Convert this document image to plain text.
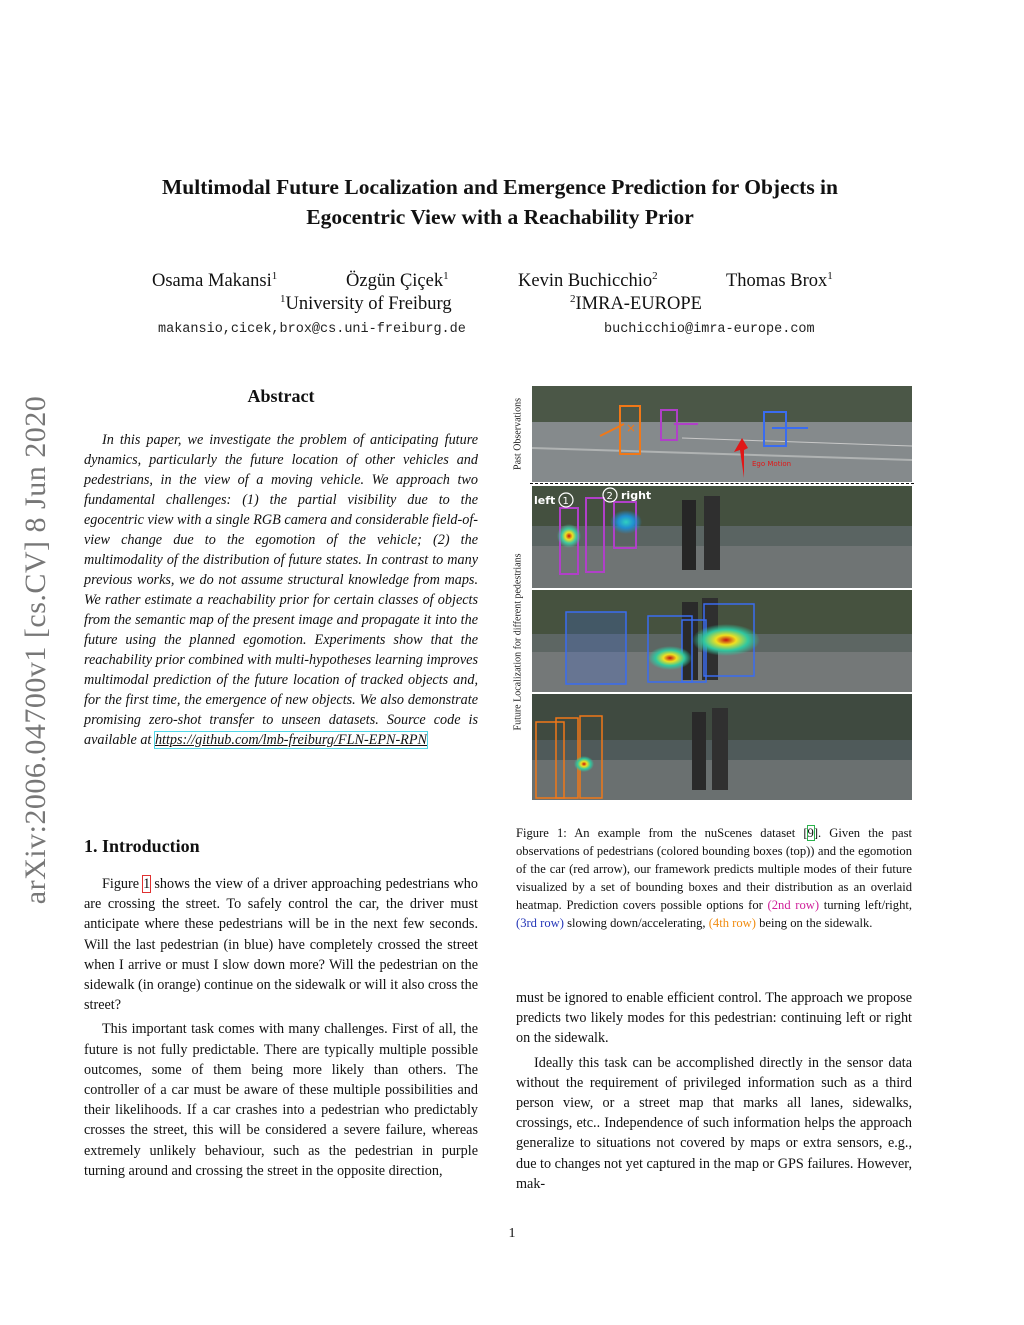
arXiv:2006.04700v1 [cs.CV] 8 Jun 2020
Multimodal Future Localization and Emergence Prediction for Objects in
Egocentric View with a Reachability Prior
Osama Makansi$^1$	Özgün Çiçek$^1$	Kevin Buchicchio$^2$	Thomas Brox$^1$
$^1$University of Freiburg	$^2$IMRA-EUROPE
makansio,cicek,brox@cs.uni-freiburg.de	buchicchio@imra-europe.com
Abstract

In this paper, we investigate the problem of anticipating future dynamics, particularly the future location of other vehicles and pedestrians, in the view of a moving vehicle. We approach two fundamental challenges: (1) the partial visibility due to the egocentric view with a single RGB camera and considerable field-of-view change due to the egomotion of the vehicle; (2) the multimodality of the distribution of future states. In contrast to many previous works, we do not assume structural knowledge from maps. We rather estimate a reachability prior for certain classes of objects from the semantic map of the present image and propagate it into the future using the planned egomotion. Experiments show that the reachability prior combined with multi-hypotheses learning improves multimodal prediction of the future location of tracked objects and, for the first time, the emergence of new objects. We also demonstrate promising zero-shot transfer to unseen datasets. Source code is available at https://github.com/lmb-freiburg/FLN-EPN-RPN

1. Introduction

Figure 1 shows the view of a driver approaching pedestrians who are crossing the street. To safely control the car, the driver must anticipate where these pedestrians will be in the next few seconds. Will the last pedestrian (in blue) have completely crossed the street when I arrive or must I slow down more? Will the pedestrian on the sidewalk (in orange) continue on the sidewalk or will it also cross the street?

This important task comes with many challenges. First of all, the future is not fully predictable. There are typically multiple possible outcomes, some of them being more likely than others. The controller of a car must be aware of these multiple possibilities and their likelihoods. If a car crashes into a pedestrian who predictably crosses the street, this will be considered a severe failure, whereas extremely unlikely behaviour, such as the pedestrian in purple turning around and crossing the street in the opposite direction,

Past Observations
Future Localization for different pedestrians
×
Ego Motion
left 1	2 right
Figure 1: An example from the nuScenes dataset [9]. Given the past observations of pedestrians (colored bounding boxes (top)) and the egomotion of the car (red arrow), our framework predicts multiple modes of their future visualized by a set of bounding boxes and their distribution as an overlaid heatmap. Prediction covers possible options for (2nd row) turning left/right, (3rd row) slowing down/accelerating, (4th row) being on the sidewalk.

must be ignored to enable efficient control. The approach we propose predicts two likely modes for this pedestrian: continuing left or right on the sidewalk.

Ideally this task can be accomplished directly in the sensor data without the requirement of privileged information such as a third person view, or a street map that marks all lanes, sidewalks, crossings, etc.. Independence of such information helps the approach generalize to situations not covered by maps or extra sensors, e.g., due to changes not yet captured in the map or GPS failures. However, mak-

1
